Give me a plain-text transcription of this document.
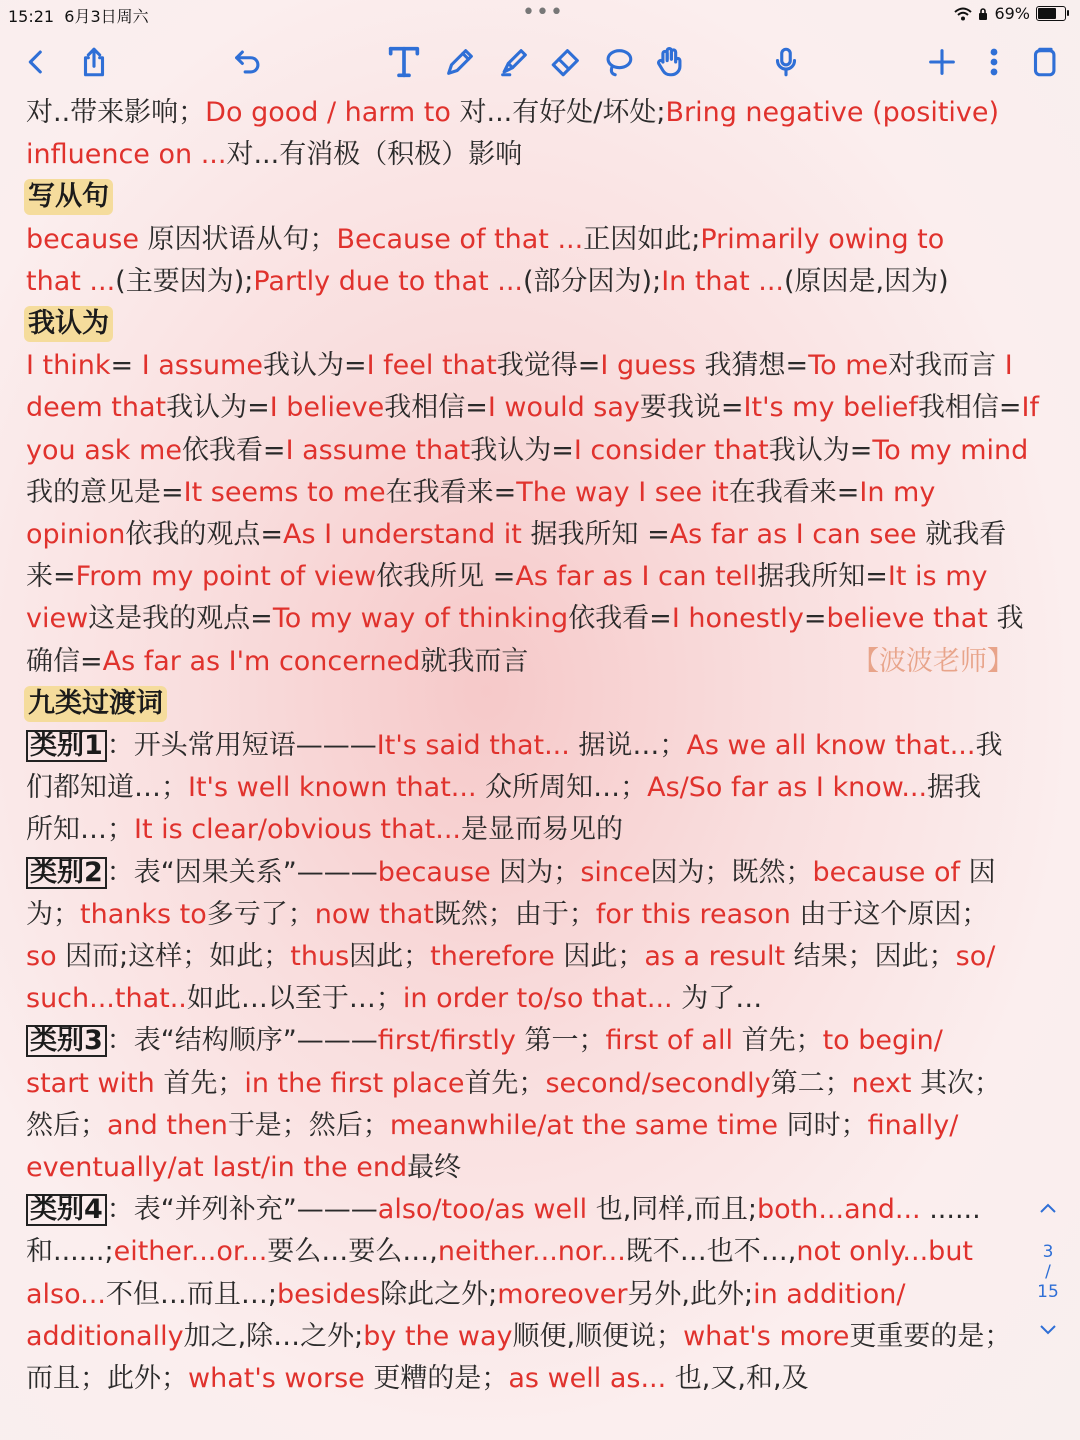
15:21 6月3日周六	•••	69%

对..带来影响；Do good / harm to 对...有好处/坏处;Bring negative (positive)

influence on ...对...有消极（积极）影响

写从句

because 原因状语从句；Because of that ...正因如此;Primarily owing to

that ...(主要因为);Partly due to that ...(部分因为);In that ...(原因是,因为)

我认为

I think= I assume我认为=I feel that我觉得=I guess 我猜想=To me对我而言 I

deem that我认为=I believe我相信=I would say要我说=It's my belief我相信=If

you ask me依我看=I assume that我认为=I consider that我认为=To my mind

我的意见是=It seems to me在我看来=The way I see it在我看来=In my

opinion依我的观点=As I understand it 据我所知 =As far as I can see 就我看

来=From my point of view依我所见 =As far as I can tell据我所知=It is my

view这是我的观点=To my way of thinking依我看=I honestly=believe that 我

确信=As far as I'm concerned就我而言	【波波老师】

九类过渡词

类别1 ：开头常用短语———It's said that... 据说…；As we all know that...我

们都知道…；It's well known that... 众所周知…；As/So far as I know...据我

所知…；It is clear/obvious that...是显而易见的

类别2 ：表“因果关系”———because 因为；since因为；既然；because of 因

为；thanks to多亏了；now that既然；由于；for this reason 由于这个原因；

so 因而;这样；如此；thus因此；therefore 因此；as a result 结果；因此；so/

such...that..如此…以至于…；in order to/so that... 为了…

类别3 ：表“结构顺序”———first/firstly 第一；first of all 首先；to begin/

start with 首先；in the first place首先；second/secondly第二；next 其次；

然后；and then于是；然后；meanwhile/at the same time 同时；finally/

eventually/at last/in the end最终

类别4 ：表“并列补充”———also/too/as well 也,同样,而且;both...and... ......

和......;either...or...要么…要么…,neither...nor...既不…也不…,not only...but

also...不但…而且…;besides除此之外;moreover另外,此外;in addition/

additionally加之,除…之外;by the way顺便,顺便说；what's more更重要的是；

而且；此外；what's worse 更糟的是；as well as... 也,又,和,及

3
/
15
